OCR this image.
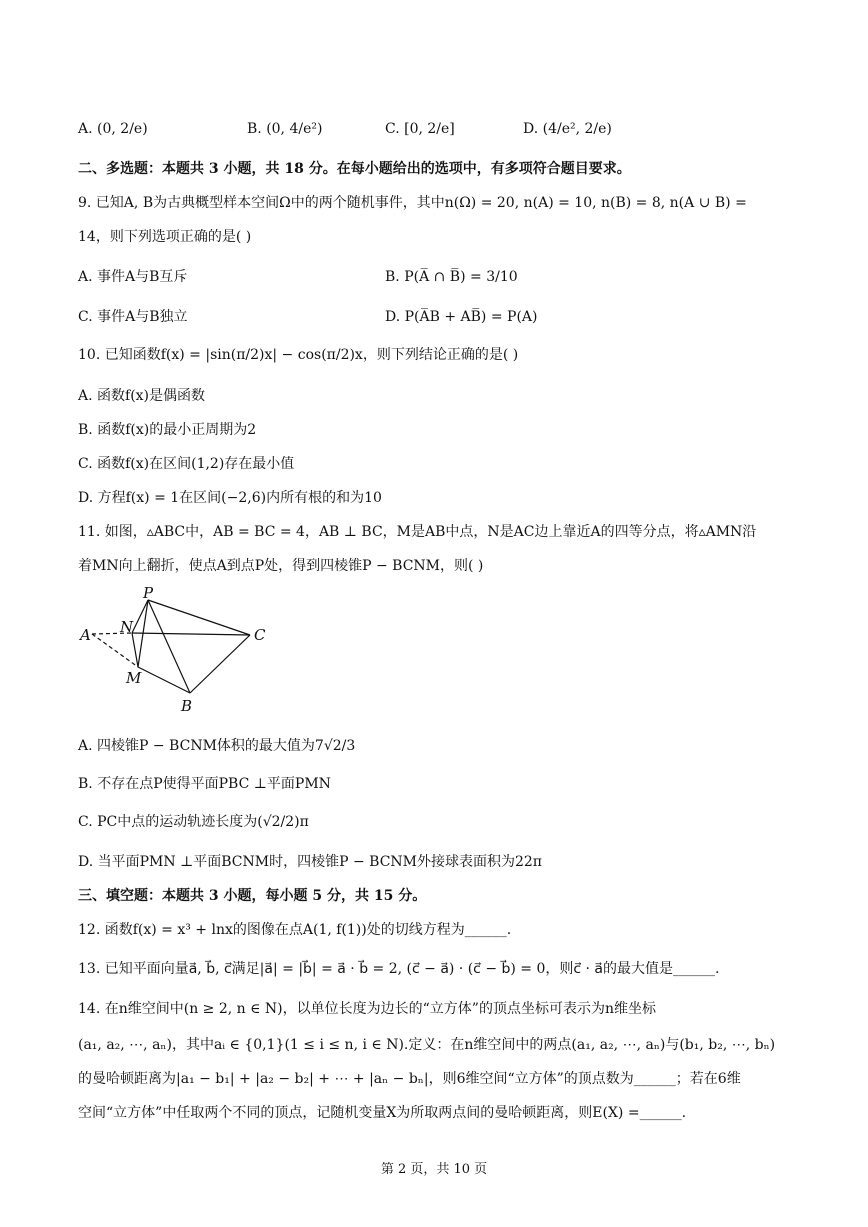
A. (0, 2/e)	B. (0, 4/e²)	C. [0, 2/e]	D. (4/e², 2/e)
二、多选题：本题共 3 小题，共 18 分。在每小题给出的选项中，有多项符合题目要求。
9. 已知A, B为古典概型样本空间Ω中的两个随机事件，其中n(Ω) = 20, n(A) = 10, n(B) = 8, n(A ∪ B) =
14，则下列选项正确的是( )
A. 事件A与B互斥	B. P(A̅ ∩ B̅) = 3/10
C. 事件A与B独立	D. P(A̅B + AB̅) = P(A)
10. 已知函数f(x) = |sin(π/2)x| − cos(π/2)x，则下列结论正确的是( )
A. 函数f(x)是偶函数
B. 函数f(x)的最小正周期为2
C. 函数f(x)在区间(1,2)存在最小值
D. 方程f(x) = 1在区间(−2,6)内所有根的和为10
11. 如图，▵ABC中，AB = BC = 4，AB ⊥ BC，M是AB中点，N是AC边上靠近A的四等分点，将▵AMN沿
着MN向上翻折，使点A到点P处，得到四棱锥P − BCNM，则( )
P
N
A	C
M
B
A. 四棱锥P − BCNM体积的最大值为7√2/3
B. 不存在点P使得平面PBC ⊥平面PMN
C. PC中点的运动轨迹长度为(√2/2)π
D. 当平面PMN ⊥平面BCNM时，四棱锥P − BCNM外接球表面积为22π
三、填空题：本题共 3 小题，每小题 5 分，共 15 分。
12. 函数f(x) = x³ + lnx的图像在点A(1, f(1))处的切线方程为______.
13. 已知平面向量a⃗, b⃗, c⃗满足|a⃗| = |b⃗| = a⃗ · b⃗ = 2, (c⃗ − a⃗) · (c⃗ − b⃗) = 0，则c⃗ · a⃗的最大值是______.
14. 在n维空间中(n ≥ 2, n ∈ N)，以单位长度为边长的“立方体”的顶点坐标可表示为n维坐标
(a₁, a₂, ⋯, aₙ)，其中aᵢ ∈ {0,1}(1 ≤ i ≤ n, i ∈ N).定义：在n维空间中的两点(a₁, a₂, ⋯, aₙ)与(b₁, b₂, ⋯, bₙ)
的曼哈顿距离为|a₁ − b₁| + |a₂ − b₂| + ⋯ + |aₙ − bₙ|，则6维空间“立方体”的顶点数为______；若在6维
空间“立方体”中任取两个不同的顶点，记随机变量X为所取两点间的曼哈顿距离，则E(X) =______.
第 2 页，共 10 页
